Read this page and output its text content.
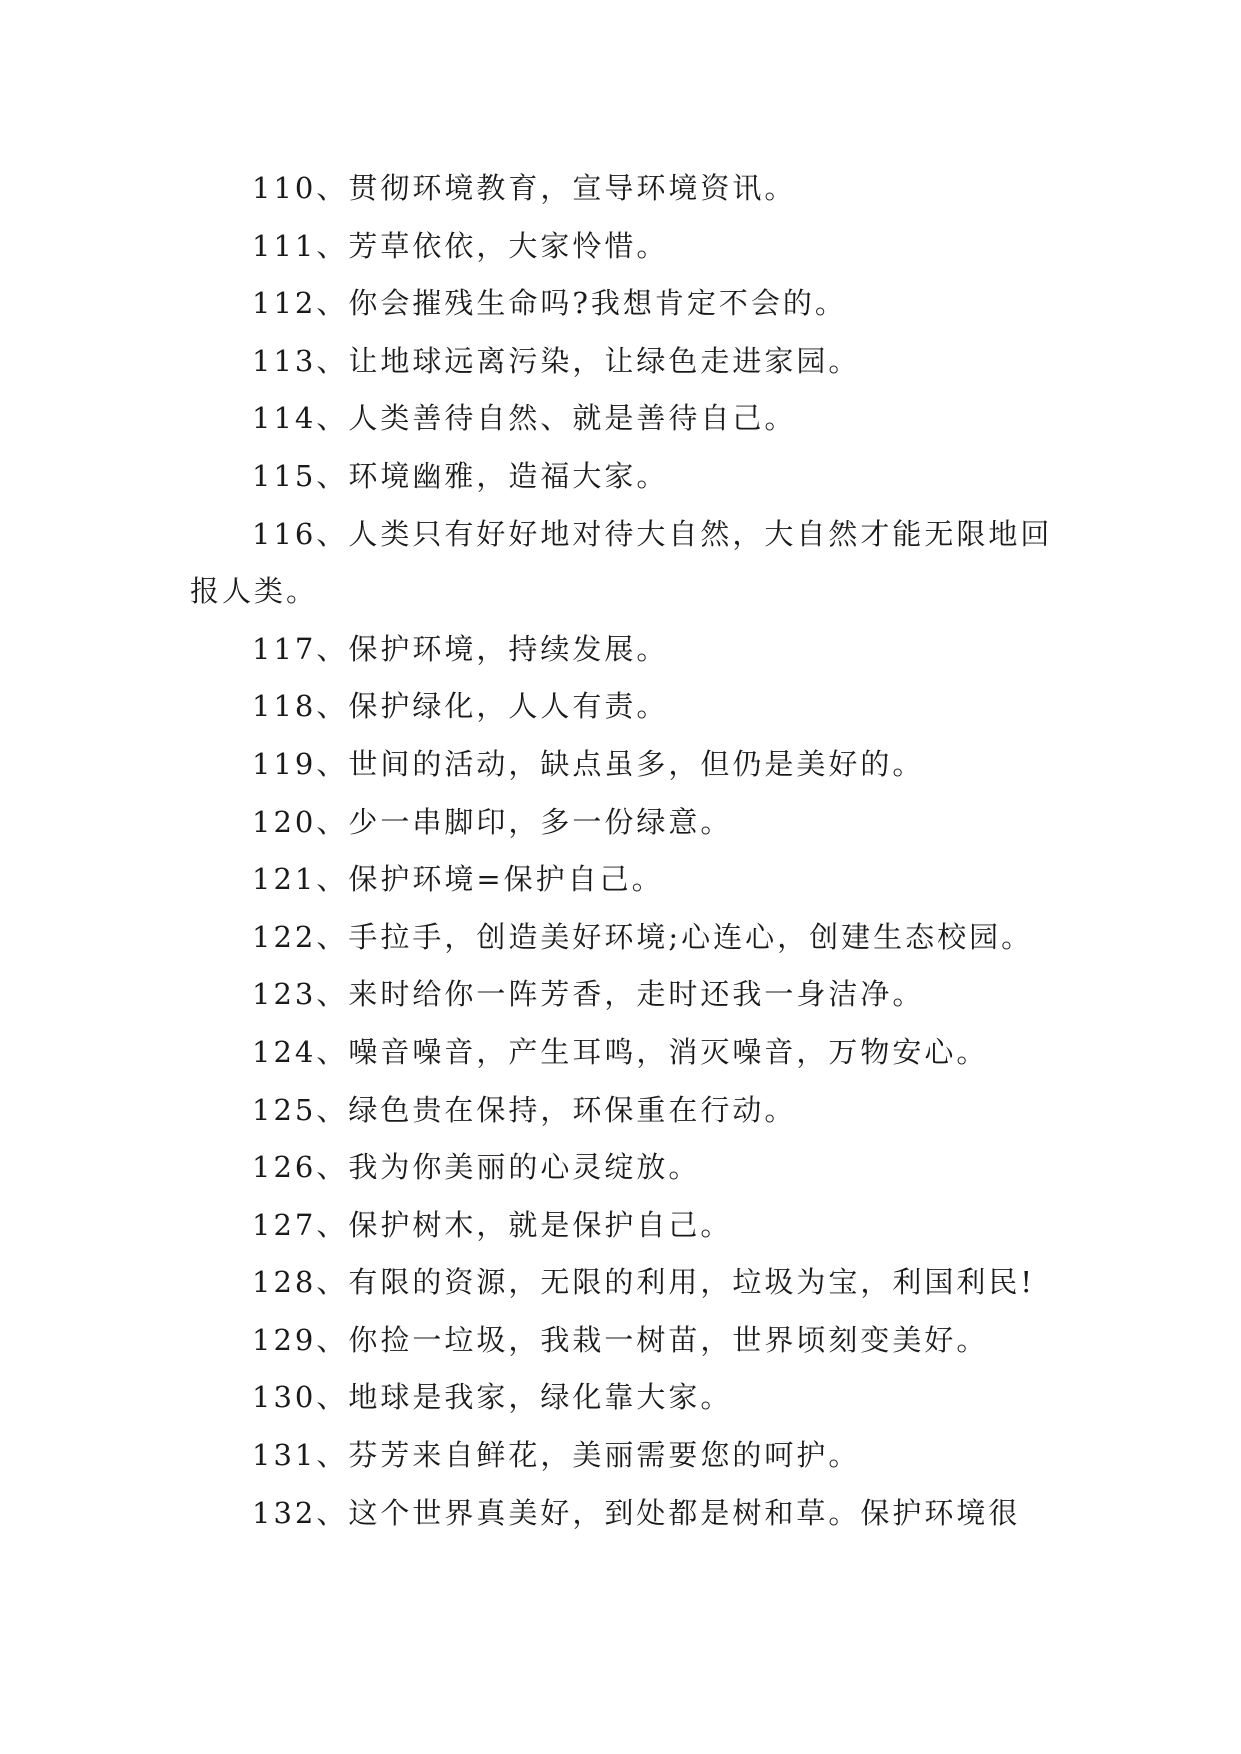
110、贯彻环境教育，宣导环境资讯。

111、芳草依依，大家怜惜。

112、你会摧残生命吗?我想肯定不会的。

113、让地球远离污染，让绿色走进家园。

114、人类善待自然、就是善待自己。

115、环境幽雅，造福大家。

116、人类只有好好地对待大自然，大自然才能无限地回报人类。

117、保护环境，持续发展。

118、保护绿化，人人有责。

119、世间的活动，缺点虽多，但仍是美好的。

120、少一串脚印，多一份绿意。

121、保护环境=保护自己。

122、手拉手，创造美好环境;心连心，创建生态校园。

123、来时给你一阵芳香，走时还我一身洁净。

124、噪音噪音，产生耳鸣，消灭噪音，万物安心。

125、绿色贵在保持，环保重在行动。

126、我为你美丽的心灵绽放。

127、保护树木，就是保护自己。

128、有限的资源，无限的利用，垃圾为宝，利国利民!

129、你捡一垃圾，我栽一树苗，世界顷刻变美好。

130、地球是我家，绿化靠大家。

131、芬芳来自鲜花，美丽需要您的呵护。

132、这个世界真美好，到处都是树和草。保护环境很
